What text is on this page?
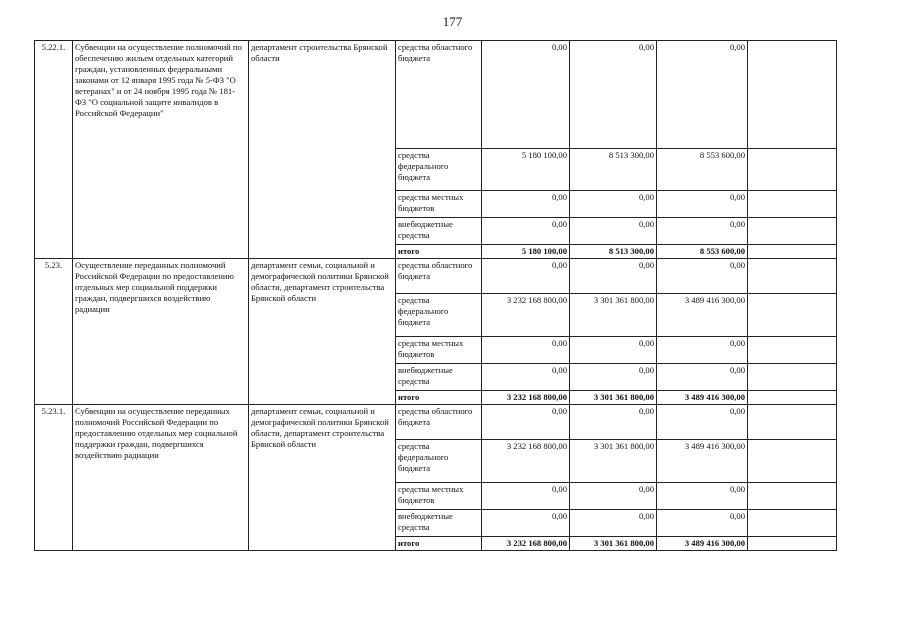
177
5.22.1.	Субвенции на осуществление полномочий по обеспечению жильем отдельных категорий граждан, установленных федеральными законами от 12 января 1995 года № 5-ФЗ "О ветеранах" и от 24 ноября 1995 года № 181-ФЗ "О социальной защите инвалидов в Российской Федерации"	департамент строительства Брянской области	средства областного бюджета	0,00	0,00	0,00	
			средства федерального бюджета	5 180 100,00	8 513 300,00	8 553 600,00	
			средства местных бюджетов	0,00	0,00	0,00	
			внебюджетные средства	0,00	0,00	0,00	
			итого	5 180 100,00	8 513 300,00	8 553 600,00	
5.23.	Осуществление переданных полномочий Российской Федерации по предоставлению отдельных мер социальной поддержки граждан, подвергшихся воздействию радиации	департамент семьи, социальной и демографической политики Брянской области, департамент строительства Брянской области	средства областного бюджета	0,00	0,00	0,00	
			средства федерального бюджета	3 232 168 800,00	3 301 361 800,00	3 489 416 300,00	
			средства местных бюджетов	0,00	0,00	0,00	
			внебюджетные средства	0,00	0,00	0,00	
			итого	3 232 168 800,00	3 301 361 800,00	3 489 416 300,00	
5.23.1.	Субвенции на осуществление переданных полномочий Российской Федерации по предоставлению отдельных мер социальной поддержки граждан, подвергшихся воздействию радиации	департамент семьи, социальной и демографической политики Брянской области, департамент строительства Брянской области	средства областного бюджета	0,00	0,00	0,00	
			средства федерального бюджета	3 232 168 800,00	3 301 361 800,00	3 489 416 300,00	
			средства местных бюджетов	0,00	0,00	0,00	
			внебюджетные средства	0,00	0,00	0,00	
			итого	3 232 168 800,00	3 301 361 800,00	3 489 416 300,00	
